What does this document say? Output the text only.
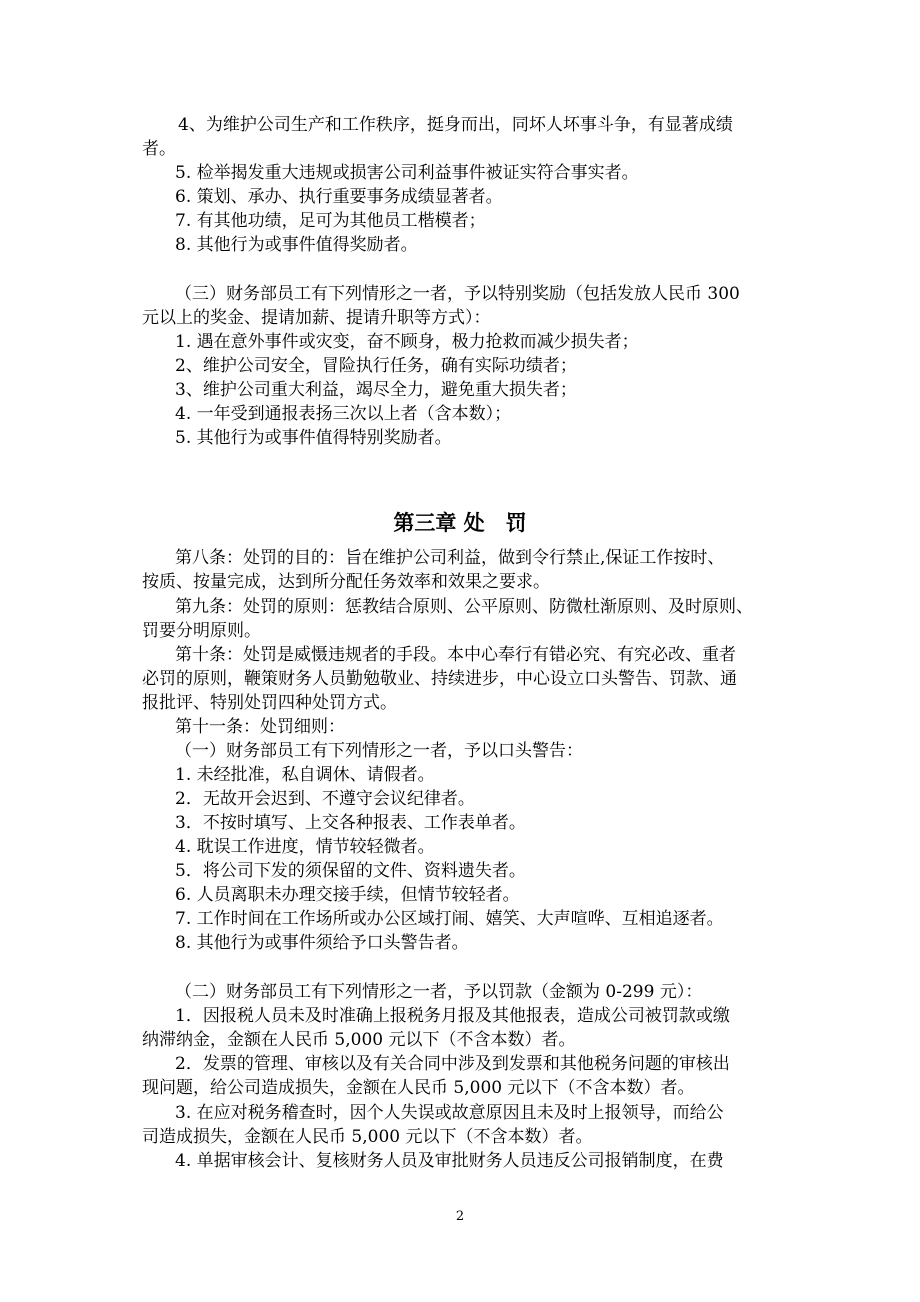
4、为维护公司生产和工作秩序，挺身而出，同坏人坏事斗争，有显著成绩
者。
5. 检举揭发重大违规或损害公司利益事件被证实符合事实者。
6. 策划、承办、执行重要事务成绩显著者。
7. 有其他功绩，足可为其他员工楷模者；
8. 其他行为或事件值得奖励者。
（三）财务部员工有下列情形之一者，予以特别奖励（包括发放人民币 300
元以上的奖金、提请加薪、提请升职等方式）：
1. 遇在意外事件或灾变，奋不顾身，极力抢救而减少损失者；
2、维护公司安全，冒险执行任务，确有实际功绩者；
3、维护公司重大利益，竭尽全力，避免重大损失者；
4. 一年受到通报表扬三次以上者（含本数）；
5. 其他行为或事件值得特别奖励者。
第三章 处　罚
第八条：处罚的目的：旨在维护公司利益，做到令行禁止,保证工作按时、
按质、按量完成，达到所分配任务效率和效果之要求。
第九条：处罚的原则：惩教结合原则、公平原则、防微杜渐原则、及时原则、
罚要分明原则。
第十条：处罚是威慑违规者的手段。本中心奉行有错必究、有究必改、重者
必罚的原则，鞭策财务人员勤勉敬业、持续进步，中心设立口头警告、罚款、通
报批评、特别处罚四种处罚方式。
第十一条：处罚细则：
（一）财务部员工有下列情形之一者，予以口头警告：
1. 未经批准，私自调休、请假者。
2．无故开会迟到、不遵守会议纪律者。
3．不按时填写、上交各种报表、工作表单者。
4. 耽误工作进度，情节较轻微者。
5．将公司下发的须保留的文件、资料遗失者。
6. 人员离职未办理交接手续，但情节较轻者。
7. 工作时间在工作场所或办公区域打闹、嬉笑、大声喧哗、互相追逐者。
8. 其他行为或事件须给予口头警告者。
（二）财务部员工有下列情形之一者，予以罚款（金额为 0-299 元）：
1．因报税人员未及时准确上报税务月报及其他报表，造成公司被罚款或缴
纳滞纳金，金额在人民币 5,000 元以下（不含本数）者。
2．发票的管理、审核以及有关合同中涉及到发票和其他税务问题的审核出
现问题，给公司造成损失，金额在人民币 5,000 元以下（不含本数）者。
3. 在应对税务稽查时，因个人失误或故意原因且未及时上报领导，而给公
司造成损失，金额在人民币 5,000 元以下（不含本数）者。
4. 单据审核会计、复核财务人员及审批财务人员违反公司报销制度，在费
2
